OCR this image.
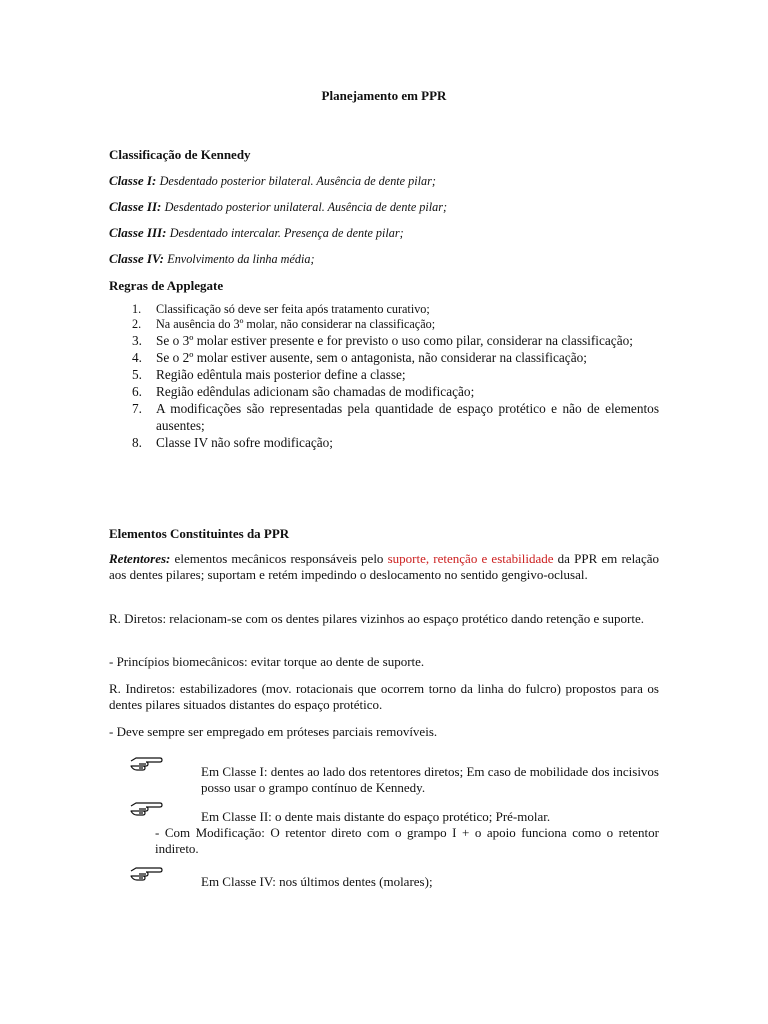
Planejamento em PPR
Classificação de Kennedy
Classe I: Desdentado posterior bilateral. Ausência de dente pilar;
Classe II: Desdentado posterior unilateral. Ausência de dente pilar;
Classe III: Desdentado intercalar. Presença de dente pilar;
Classe IV: Envolvimento da linha média;
Regras de Applegate
1. Classificação só deve ser feita após tratamento curativo;
2. Na ausência do 3º molar, não considerar na classificação;
3. Se o 3º molar estiver presente e for previsto o uso como pilar, considerar na classificação;
4. Se o 2º molar estiver ausente, sem o antagonista, não considerar na classificação;
5. Região edêntula mais posterior define a classe;
6. Região edêndulas adicionam são chamadas de modificação;
7. A modificações são representadas pela quantidade de espaço protético e não de elementos ausentes;
8. Classe IV não sofre modificação;
Elementos Constituintes da PPR
Retentores: elementos mecânicos responsáveis pelo suporte, retenção e estabilidade da PPR em relação aos dentes pilares; suportam e retém impedindo o deslocamento no sentido gengivo-oclusal.
R. Diretos: relacionam-se com os dentes pilares vizinhos ao espaço protético dando retenção e suporte.
- Princípios biomecânicos: evitar torque ao dente de suporte.
R. Indiretos: estabilizadores (mov. rotacionais que ocorrem torno da linha do fulcro) propostos para os dentes pilares situados distantes do espaço protético.
- Deve sempre ser empregado em próteses parciais removíveis.
Em Classe I: dentes ao lado dos retentores diretos; Em caso de mobilidade dos incisivos posso usar o grampo contínuo de Kennedy.
Em Classe II: o dente mais distante do espaço protético; Pré-molar.
- Com Modificação: O retentor direto com o grampo I + o apoio funciona como o retentor indireto.
Em Classe IV: nos últimos dentes (molares);
